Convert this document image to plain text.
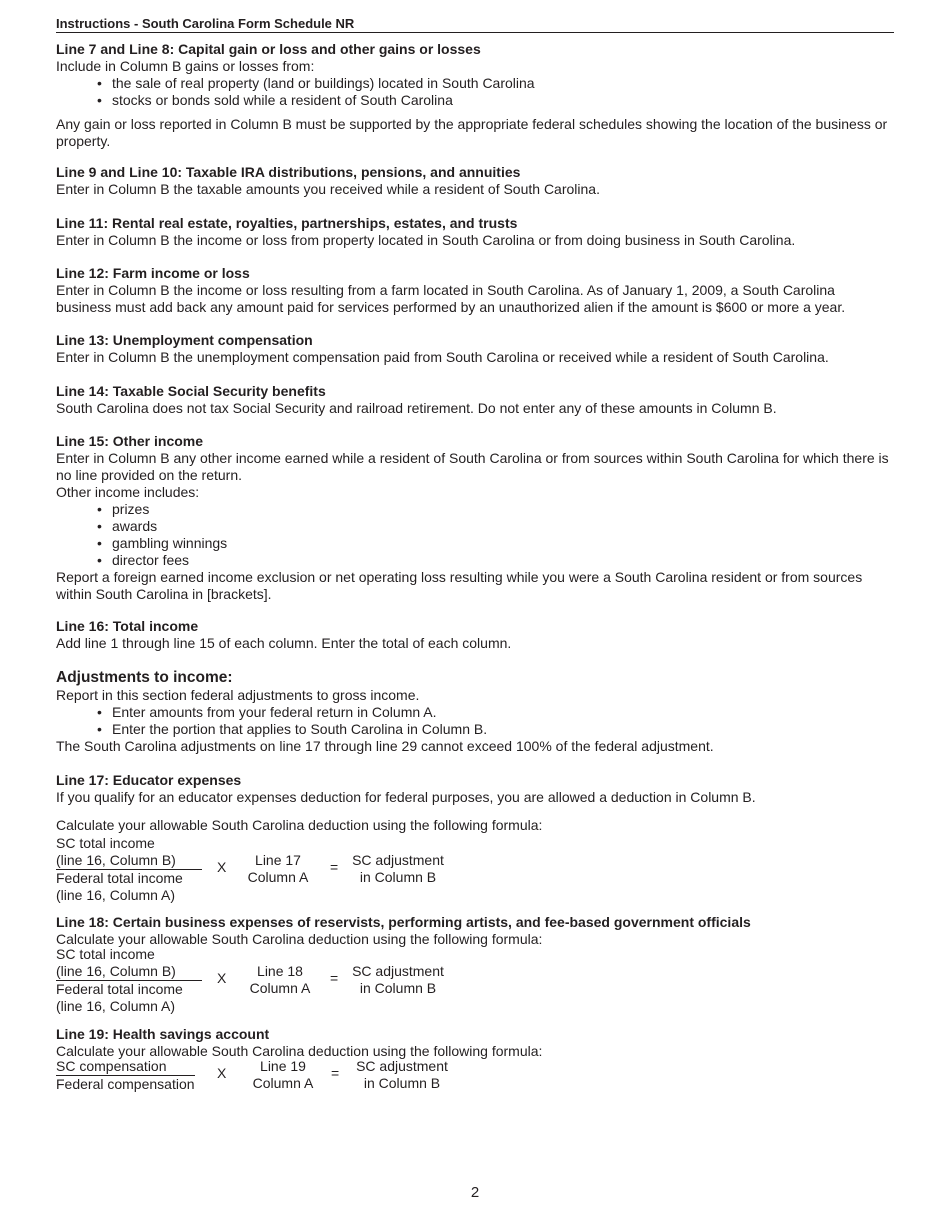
Instructions - South Carolina Form Schedule NR

Line 7 and Line 8: Capital gain or loss and other gains or losses

Include in Column B gains or losses from:

• the sale of real property (land or buildings) located in South Carolina
• stocks or bonds sold while a resident of South Carolina

Any gain or loss reported in Column B must be supported by the appropriate federal schedules showing the location of the business or property.

Line 9 and Line 10: Taxable IRA distributions, pensions, and annuities

Enter in Column B the taxable amounts you received while a resident of South Carolina.

Line 11: Rental real estate, royalties, partnerships, estates, and trusts

Enter in Column B the income or loss from property located in South Carolina or from doing business in South Carolina.

Line 12: Farm income or loss

Enter in Column B the income or loss resulting from a farm located in South Carolina. As of January 1, 2009, a South Carolina business must add back any amount paid for services performed by an unauthorized alien if the amount is $600 or more a year.

Line 13: Unemployment compensation

Enter in Column B the unemployment compensation paid from South Carolina or received while a resident of South Carolina.

Line 14: Taxable Social Security benefits

South Carolina does not tax Social Security and railroad retirement. Do not enter any of these amounts in Column B.

Line 15: Other income

Enter in Column B any other income earned while a resident of South Carolina or from sources within South Carolina for which there is no line provided on the return.

Other income includes:

• prizes
• awards
• gambling winnings
• director fees

Report a foreign earned income exclusion or net operating loss resulting while you were a South Carolina resident or from sources within South Carolina in [brackets].

Line 16: Total income

Add line 1 through line 15 of each column. Enter the total of each column.

Adjustments to income:

Report in this section federal adjustments to gross income.

• Enter amounts from your federal return in Column A.
• Enter the portion that applies to South Carolina in Column B.

The South Carolina adjustments on line 17 through line 29 cannot exceed 100% of the federal adjustment.

Line 17: Educator expenses

If you qualify for an educator expenses deduction for federal purposes, you are allowed a deduction in Column B.

Calculate your allowable South Carolina deduction using the following formula:

SC total income
(line 16, Column B)
Federal total income
(line 16, Column A)
X	Line 17
Column A
= SC adjustment
in Column B

Line 18: Certain business expenses of reservists, performing artists, and fee-based government officials

Calculate your allowable South Carolina deduction using the following formula:

SC total income
(line 16, Column B)
Federal total income
(line 16, Column A)
X	Line 18
Column A
= SC adjustment
in Column B

Line 19: Health savings account

Calculate your allowable South Carolina deduction using the following formula:

SC compensation
Federal compensation
X	Line 19
Column A
= SC adjustment
in Column B
2
